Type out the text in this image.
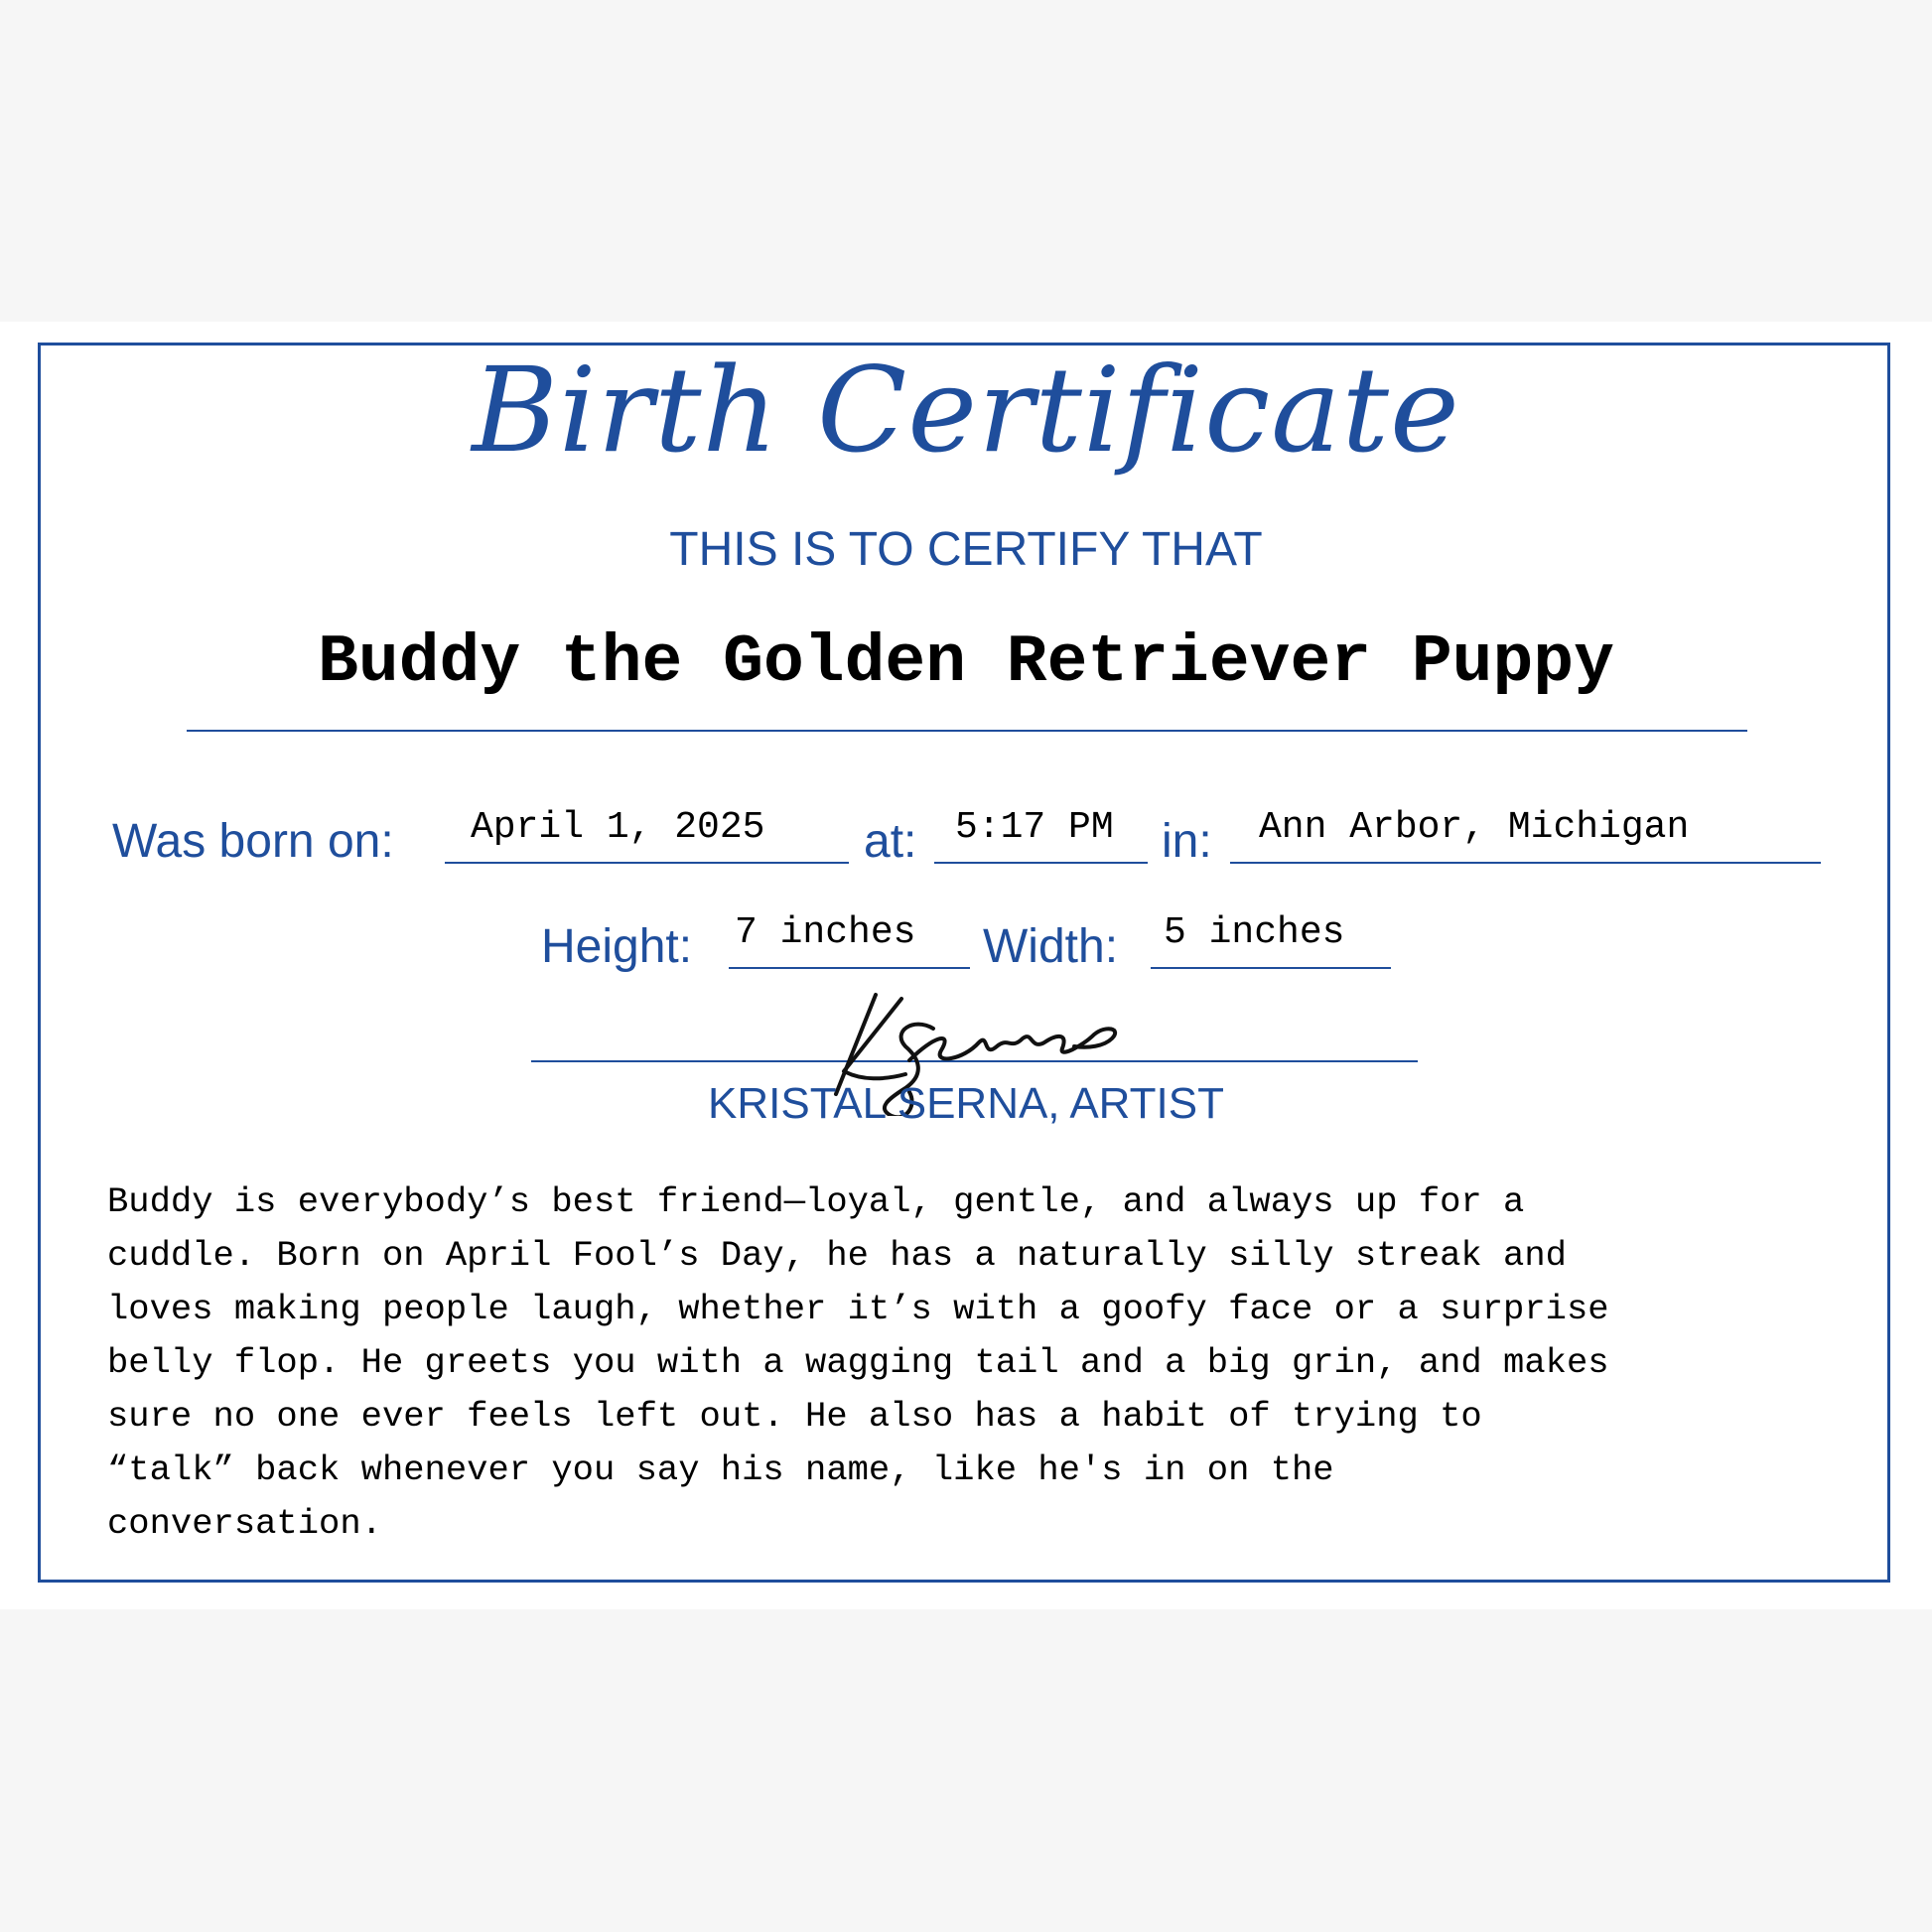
Birth Certificate
THIS IS TO CERTIFY THAT
Buddy the Golden Retriever Puppy
Was born on: April 1, 2025 at: 5:17 PM in: Ann Arbor, Michigan
Height: 7 inches Width: 5 inches
KRISTAL SERNA, ARTIST
Buddy is everybody’s best friend—loyal, gentle, and always up for a
cuddle. Born on April Fool’s Day, he has a naturally silly streak and
loves making people laugh, whether it’s with a goofy face or a surprise
belly flop. He greets you with a wagging tail and a big grin, and makes
sure no one ever feels left out. He also has a habit of trying to
“talk” back whenever you say his name, like he's in on the
conversation.
